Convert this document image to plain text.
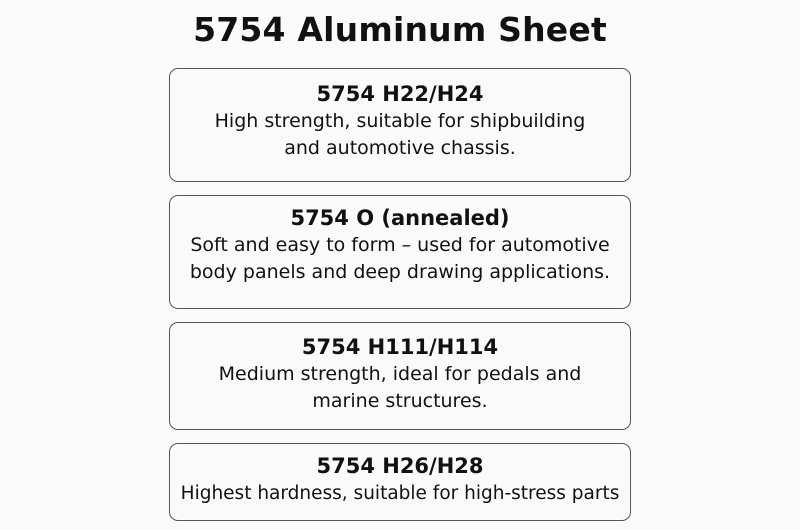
5754 Aluminum Sheet
5754 H22/H24
High strength, suitable for shipbuilding
and automotive chassis.
5754 O (annealed)
Soft and easy to form – used for automotive
body panels and deep drawing applications.
5754 H111/H114
Medium strength, ideal for pedals and
marine structures.
5754 H26/H28
Highest hardness, suitable for high-stress parts
